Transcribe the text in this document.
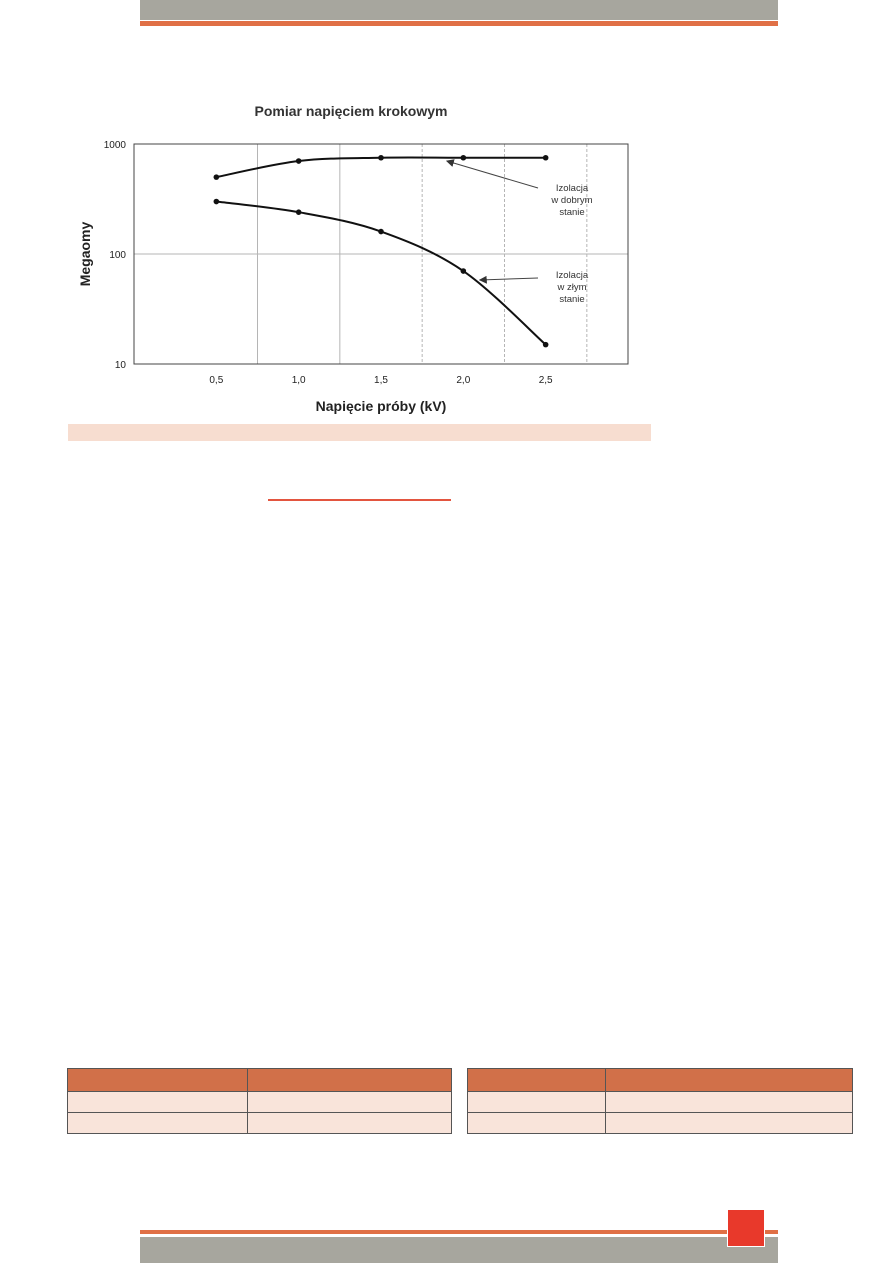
Pomiar napięciem krokowym
1000
100
10
0,5	1,0	1,5	2,0	2,5
Megaomy
Napięcie próby (kV)
Izolacja w dobrym stanie
Izolacja w złym stanie
